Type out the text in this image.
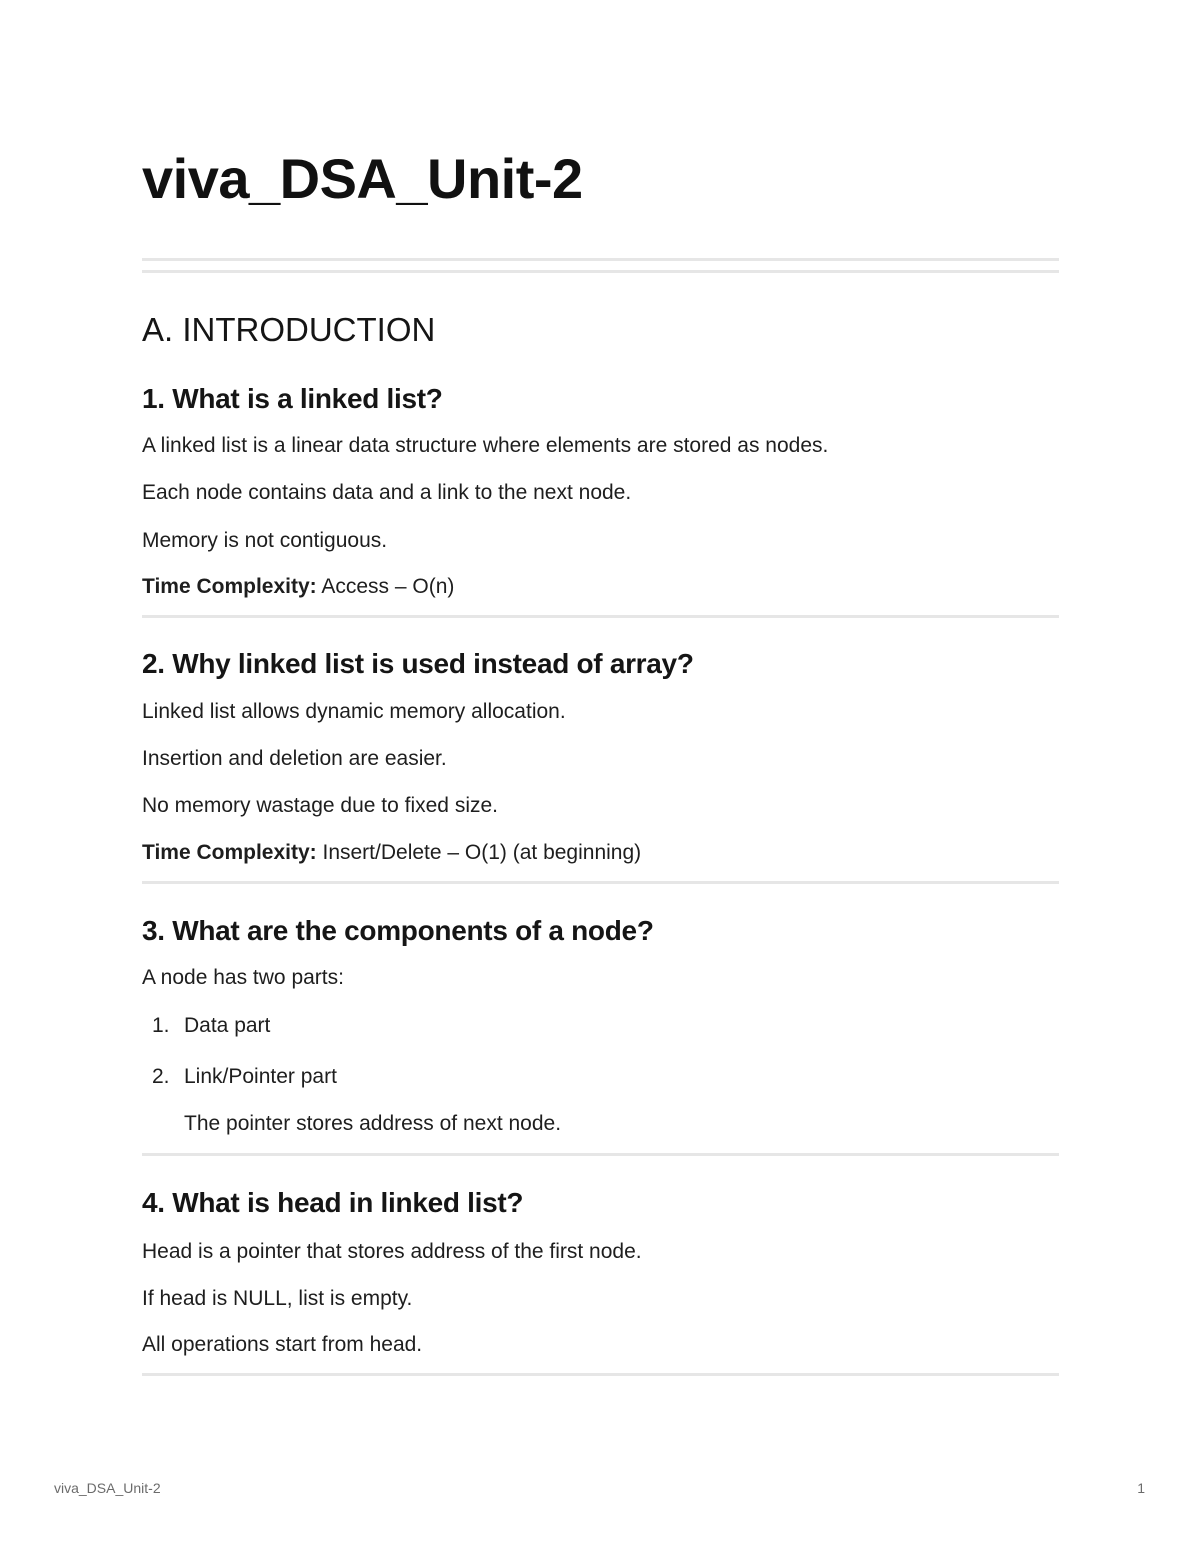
viva_DSA_Unit-2
A. INTRODUCTION
1. What is a linked list?

A linked list is a linear data structure where elements are stored as nodes.

Each node contains data and a link to the next node.

Memory is not contiguous.

Time Complexity: Access – O(n)

2. Why linked list is used instead of array?

Linked list allows dynamic memory allocation.

Insertion and deletion are easier.

No memory wastage due to fixed size.

Time Complexity: Insert/Delete – O(1) (at beginning)

3. What are the components of a node?

A node has two parts:

1. Data part

2. Link/Pointer part

The pointer stores address of next node.

4. What is head in linked list?

Head is a pointer that stores address of the first node.

If head is NULL, list is empty.

All operations start from head.

viva_DSA_Unit-2	1
